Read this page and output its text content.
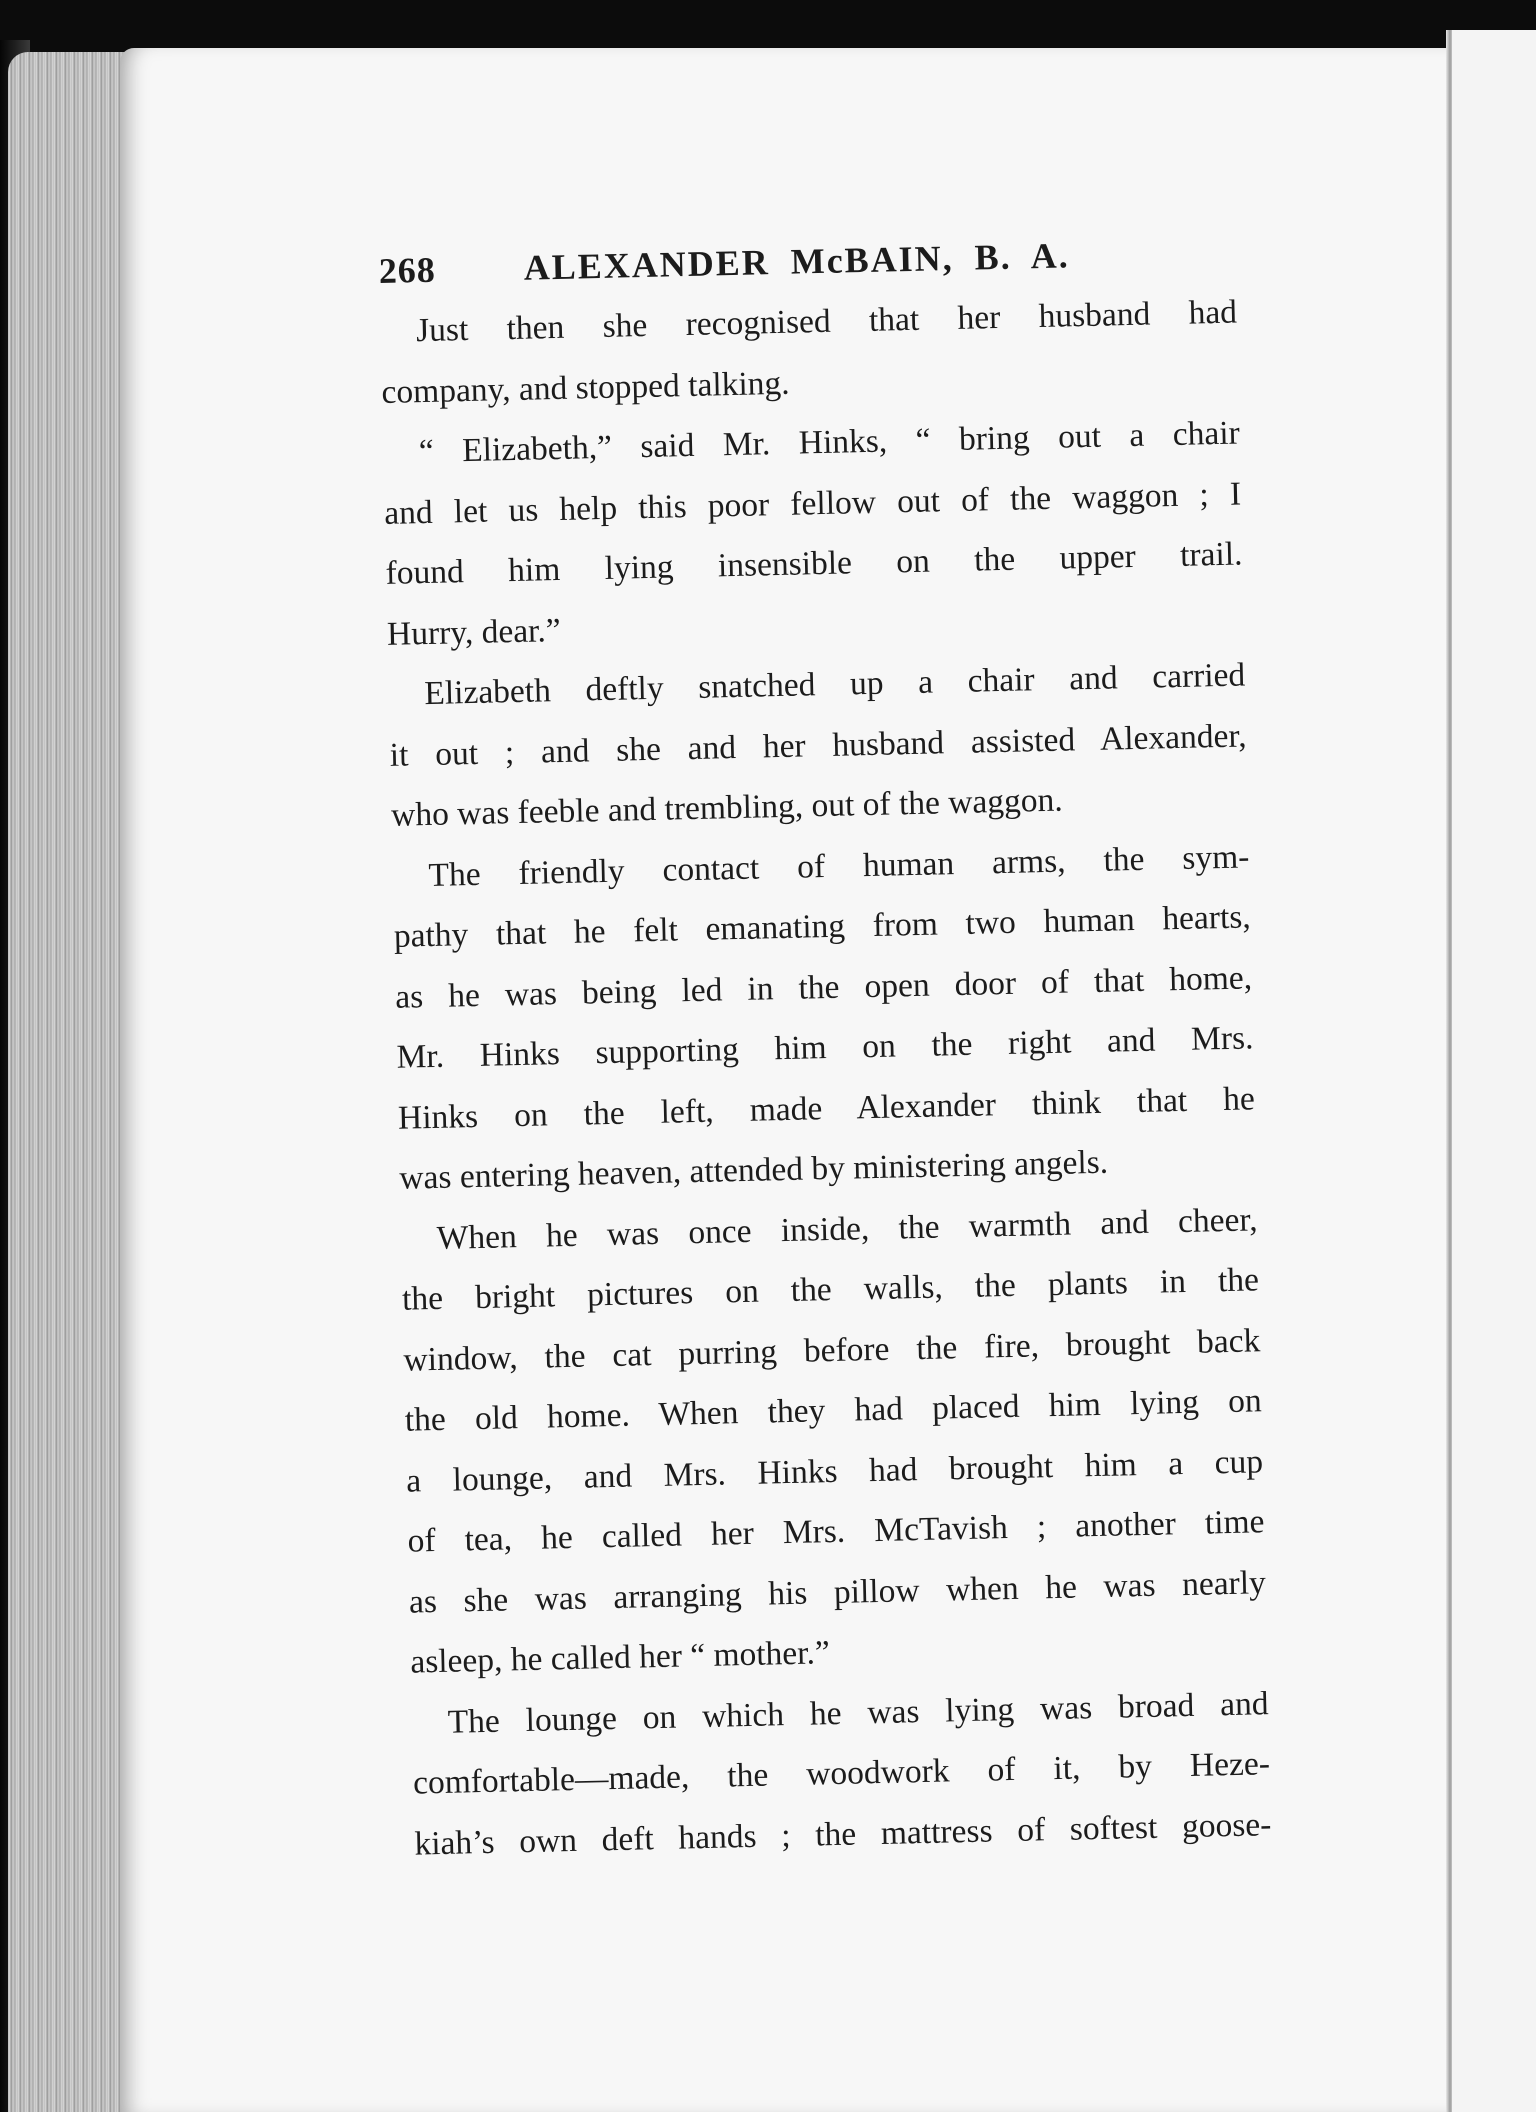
268 ALEXANDER McBAIN, B. A.
Just then she recognised that her husband had
company, and stopped talking.
“ Elizabeth,” said Mr. Hinks, “ bring out a chair
and let us help this poor fellow out of the waggon ; I
found him lying insensible on the upper trail.
Hurry, dear.”
Elizabeth deftly snatched up a chair and carried
it out ; and she and her husband assisted Alexander,
who was feeble and trembling, out of the waggon.
The friendly contact of human arms, the sym-
pathy that he felt emanating from two human hearts,
as he was being led in the open door of that home,
Mr. Hinks supporting him on the right and Mrs.
Hinks on the left, made Alexander think that he
was entering heaven, attended by ministering angels.
When he was once inside, the warmth and cheer,
the bright pictures on the walls, the plants in the
window, the cat purring before the fire, brought back
the old home. When they had placed him lying on
a lounge, and Mrs. Hinks had brought him a cup
of tea, he called her Mrs. McTavish ; another time
as she was arranging his pillow when he was nearly
asleep, he called her “ mother.”
The lounge on which he was lying was broad and
comfortable—made, the woodwork of it, by Heze-
kiah’s own deft hands ; the mattress of softest goose-
